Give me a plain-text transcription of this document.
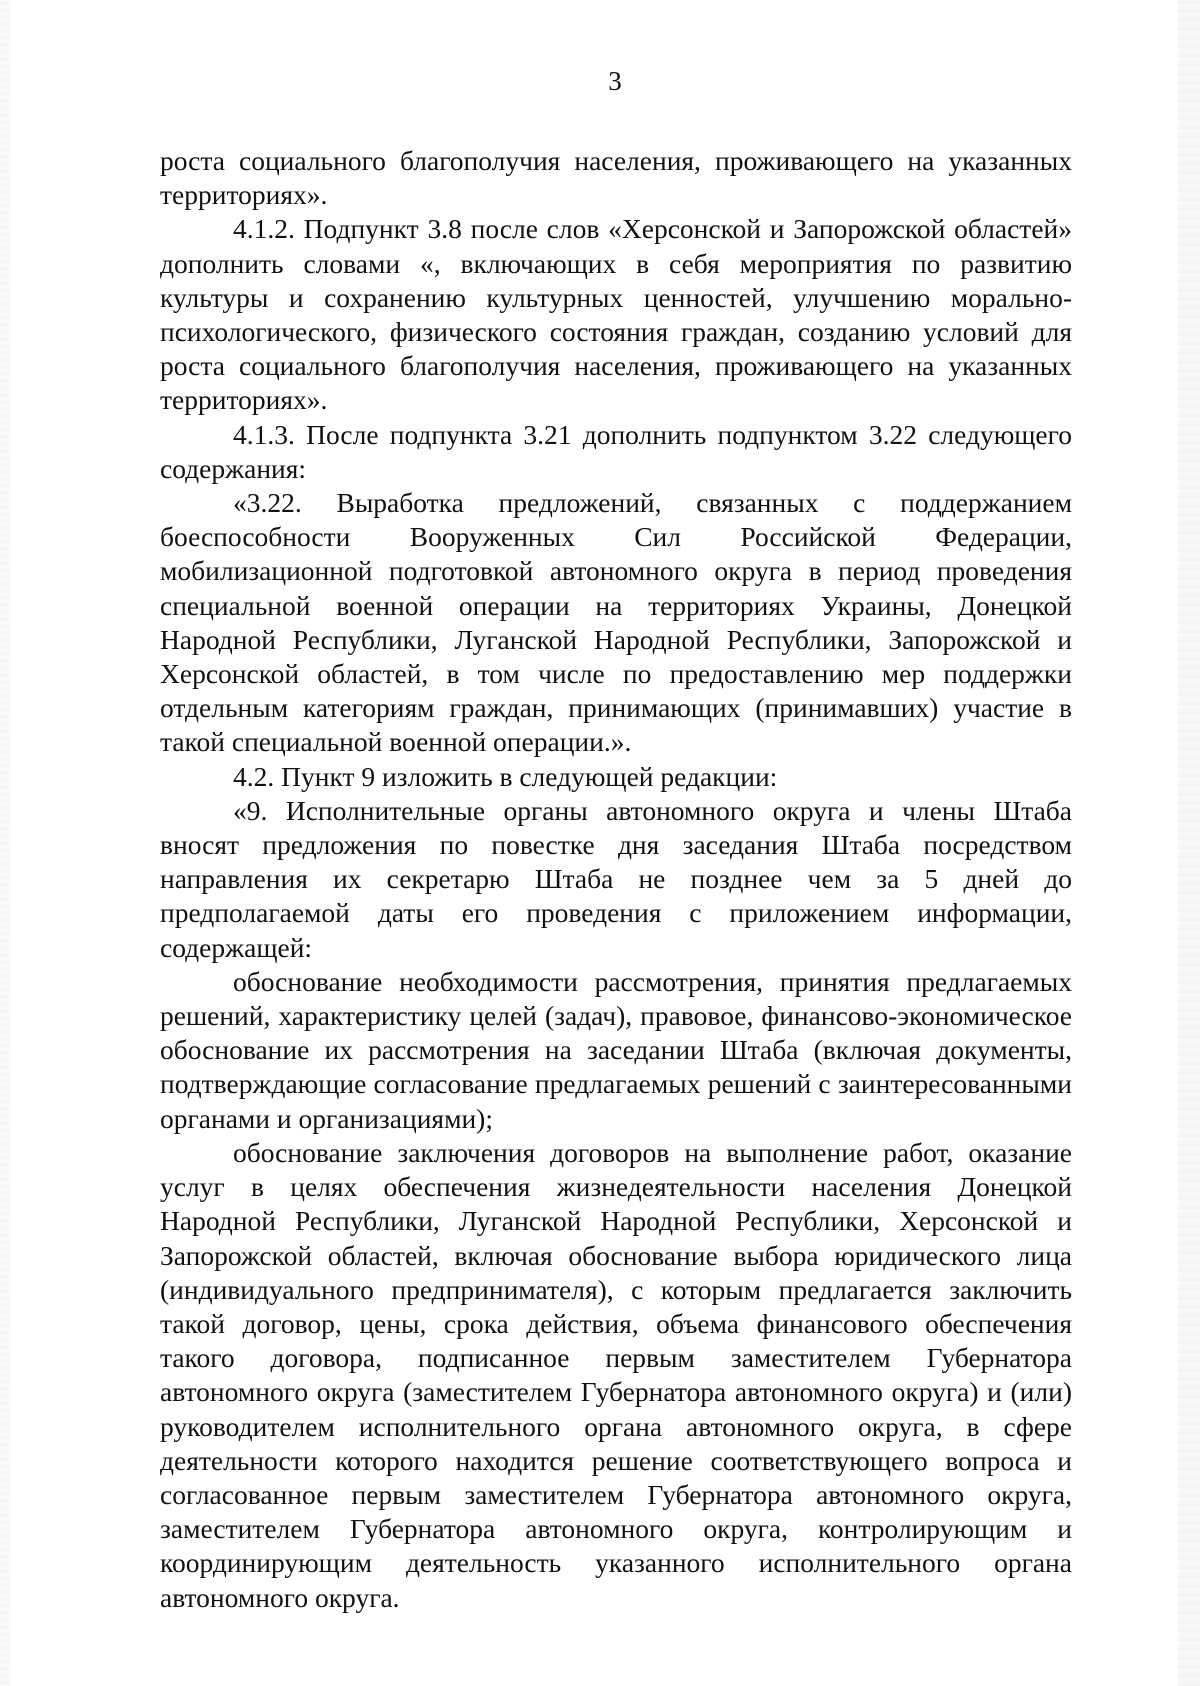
3

роста социального благополучия населения, проживающего на указанных территориях».

4.1.2. Подпункт 3.8 после слов «Херсонской и Запорожской областей» дополнить словами «, включающих в себя мероприятия по развитию культуры и сохранению культурных ценностей, улучшению морально-психологического, физического состояния граждан, созданию условий для роста социального благополучия населения, проживающего на указанных территориях».

4.1.3. После подпункта 3.21 дополнить подпунктом 3.22 следующего содержания:

«3.22. Выработка предложений, связанных с поддержанием боеспособности Вооруженных Сил Российской Федерации, мобилизационной подготовкой автономного округа в период проведения специальной военной операции на территориях Украины, Донецкой Народной Республики, Луганской Народной Республики, Запорожской и Херсонской областей, в том числе по предоставлению мер поддержки отдельным категориям граждан, принимающих (принимавших) участие в такой специальной военной операции.».

4.2. Пункт 9 изложить в следующей редакции:

«9. Исполнительные органы автономного округа и члены Штаба вносят предложения по повестке дня заседания Штаба посредством направления их секретарю Штаба не позднее чем за 5 дней до предполагаемой даты его проведения с приложением информации, содержащей:

обоснование необходимости рассмотрения, принятия предлагаемых решений, характеристику целей (задач), правовое, финансово-экономическое обоснование их рассмотрения на заседании Штаба (включая документы, подтверждающие согласование предлагаемых решений с заинтересованными органами и организациями);

обоснование заключения договоров на выполнение работ, оказание услуг в целях обеспечения жизнедеятельности населения Донецкой Народной Республики, Луганской Народной Республики, Херсонской и Запорожской областей, включая обоснование выбора юридического лица (индивидуального предпринимателя), с которым предлагается заключить такой договор, цены, срока действия, объема финансового обеспечения такого договора, подписанное первым заместителем Губернатора автономного округа (заместителем Губернатора автономного округа) и (или) руководителем исполнительного органа автономного округа, в сфере деятельности которого находится решение соответствующего вопроса и согласованное первым заместителем Губернатора автономного округа, заместителем Губернатора автономного округа, контролирующим и координирующим деятельность указанного исполнительного органа автономного округа.
